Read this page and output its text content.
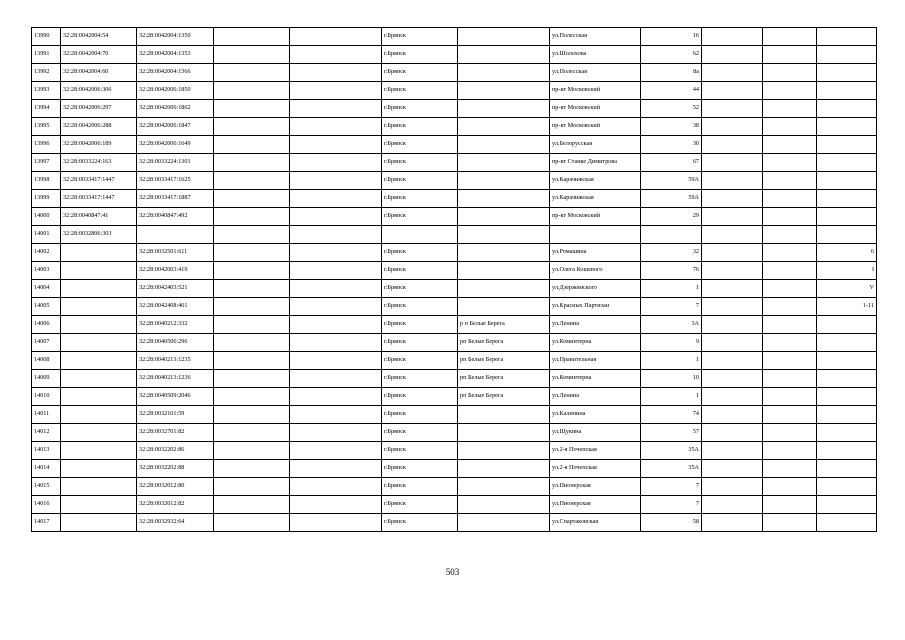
13990	32:28:0042004:54	32:28:0042004:1350			г.Брянск		ул.Полесская	16			
13991	32:28:0042004:70	32:28:0042004:1353			г.Брянск		ул.Шолохова	62			
13992	32:28:0042004:60	32:28:0042004:1366			г.Брянск		ул.Полесская	8а			
13993	32:28:0042006:306	32:28:0042006:1850			г.Брянск		пр-кт Московский	44			
13994	32:28:0042006:297	32:28:0042006:1862			г.Брянск		пр-кт Московский	52			
13995	32:28:0042006:288	32:28:0042006:1847			г.Брянск		пр-кт Московский	38			
13996	32:28:0042006:189	32:28:0042006:1649			г.Брянск		ул.Белорусская	30			
13997	32:28:0033224:163	32:28:0033224:1301			г.Брянск		пр-кт Станке Димитрова	67			
13998	32:28:0033417:1447	32:28:0033417:1625			г.Брянск		ул.Карачижская	59А			
13999	32:28:0033417:1447	32:28:0033417:1887			г.Брянск		ул.Карачижская	59А			
14000	32:28:0040847:41	32:28:0040847:492			г.Брянск		пр-кт Московский	29			
14001	32:28:0032806:303										
14002		32:28:0032501:611			г.Брянск		ул.Ромашина	32			6
14003		32:28:0042003:419			г.Брянск		ул.Олега Кошевого	76			I
14004		32:28:0042403:521			г.Брянск		ул.Дзержинского	1			V
14005		32:28:0042408:461			г.Брянск		ул.Красных Партизан	7			1-11
14006		32:28:0040212:332			г.Брянск	р п Белые Берега	ул.Ленина	3А			
14007		32:28:0040506:296			г.Брянск	рп Белые Берега	ул.Коминтерна	9			
14008		32:28:0040213:1235			г.Брянск	рп Белые Берега	ул.Правительная	1			
14009		32:28:0040213:1236			г.Брянск	рп Белые Берега	ул.Коминтерна	10			
14010		32:28:0040509:2046			г.Брянск	рп Белые Берега	ул.Ленина	1			
14011		32:28:0032101:59			г.Брянск		ул.Калинина	74			
14012		32:28:0032701:82			г.Брянск		ул.Щукина	57			
14013		32:28:0032202:86			г.Брянск		ул.2-я Почепская	35А			
14014		32:28:0032202:88			г.Брянск		ул.2-я Почепская	35А			
14015		32:28:0032012:80			г.Брянск		ул.Пионерская	7			
14016		32:28:0032012:82			г.Брянск		ул.Пионерская	7			
14017		32:28:0032932:64			г.Брянск		ул.Спартаковская	58			
503
